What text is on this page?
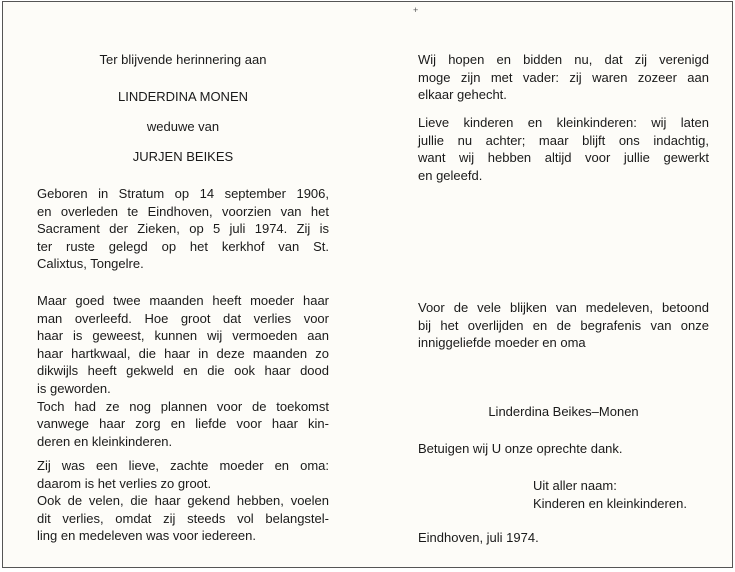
+
Ter blijvende herinnering aan
LINDERDINA MONEN
weduwe van
JURJEN BEIKES
Geboren in Stratum op 14 september 1906,
en overleden te Eindhoven, voorzien van het
Sacrament der Zieken, op 5 juli 1974. Zij is
ter ruste gelegd op het kerkhof van St.
Calixtus, Tongelre.
Maar goed twee maanden heeft moeder haar
man overleefd. Hoe groot dat verlies voor
haar is geweest, kunnen wij vermoeden aan
haar hartkwaal, die haar in deze maanden zo
dikwijls heeft gekweld en die ook haar dood
is geworden.
Toch had ze nog plannen voor de toekomst
vanwege haar zorg en liefde voor haar kin-
deren en kleinkinderen.
Zij was een lieve, zachte moeder en oma:
daarom is het verlies zo groot.
Ook de velen, die haar gekend hebben, voelen
dit verlies, omdat zij steeds vol belangstel-
ling en medeleven was voor iedereen.
Wij hopen en bidden nu, dat zij verenigd
moge zijn met vader: zij waren zozeer aan
elkaar gehecht.
Lieve kinderen en kleinkinderen: wij laten
jullie nu achter; maar blijft ons indachtig,
want wij hebben altijd voor jullie gewerkt
en geleefd.
Voor de vele blijken van medeleven, betoond
bij het overlijden en de begrafenis van onze
inniggeliefde moeder en oma
Linderdina Beikes–Monen
Betuigen wij U onze oprechte dank.
Uit aller naam:
Kinderen en kleinkinderen.
Eindhoven, juli 1974.
